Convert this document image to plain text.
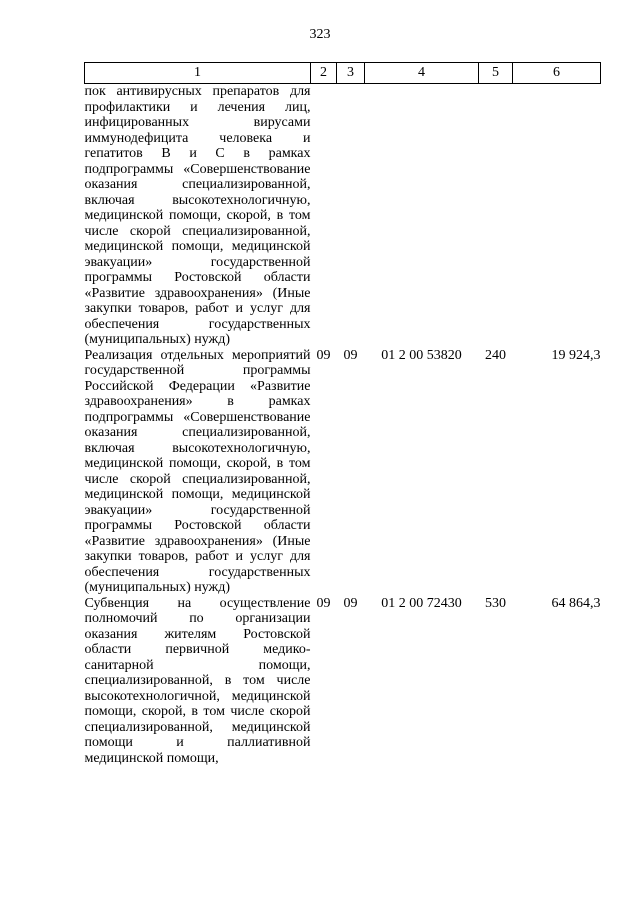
323
1	2	3	4	5	6
пок антивирусных препаратов для профилактики и лечения лиц, инфицированных вирусами иммунодефицита человека и гепатитов В и С в рамках подпрограммы «Совершенствование оказания специализированной, включая высокотехнологичную, медицинской помощи, скорой, в том числе скорой специализированной, медицинской помощи, медицинской эвакуации» государственной программы Ростовской области «Развитие здравоохранения» (Иные закупки товаров, работ и услуг для обеспечения государственных (муниципальных) нужд)					
Реализация отдельных мероприятий государственной программы Российской Федерации «Развитие здравоохранения» в рамках подпрограммы «Совершенствование оказания специализированной, включая высокотехнологичную, медицинской помощи, скорой, в том числе скорой специализированной, медицинской помощи, медицинской эвакуации» государственной программы Ростовской области «Развитие здравоохранения» (Иные закупки товаров, работ и услуг для обеспечения государственных (муниципальных) нужд)	09	09	01 2 00 53820	240	19 924,3
Субвенция на осуществление полномочий по организации оказания жителям Ростовской области первичной медико-санитарной помощи, специализированной, в том числе высокотехнологичной, медицинской помощи, скорой, в том числе скорой специализированной, медицинской помощи и паллиативной медицинской помощи,	09	09	01 2 00 72430	530	64 864,3
